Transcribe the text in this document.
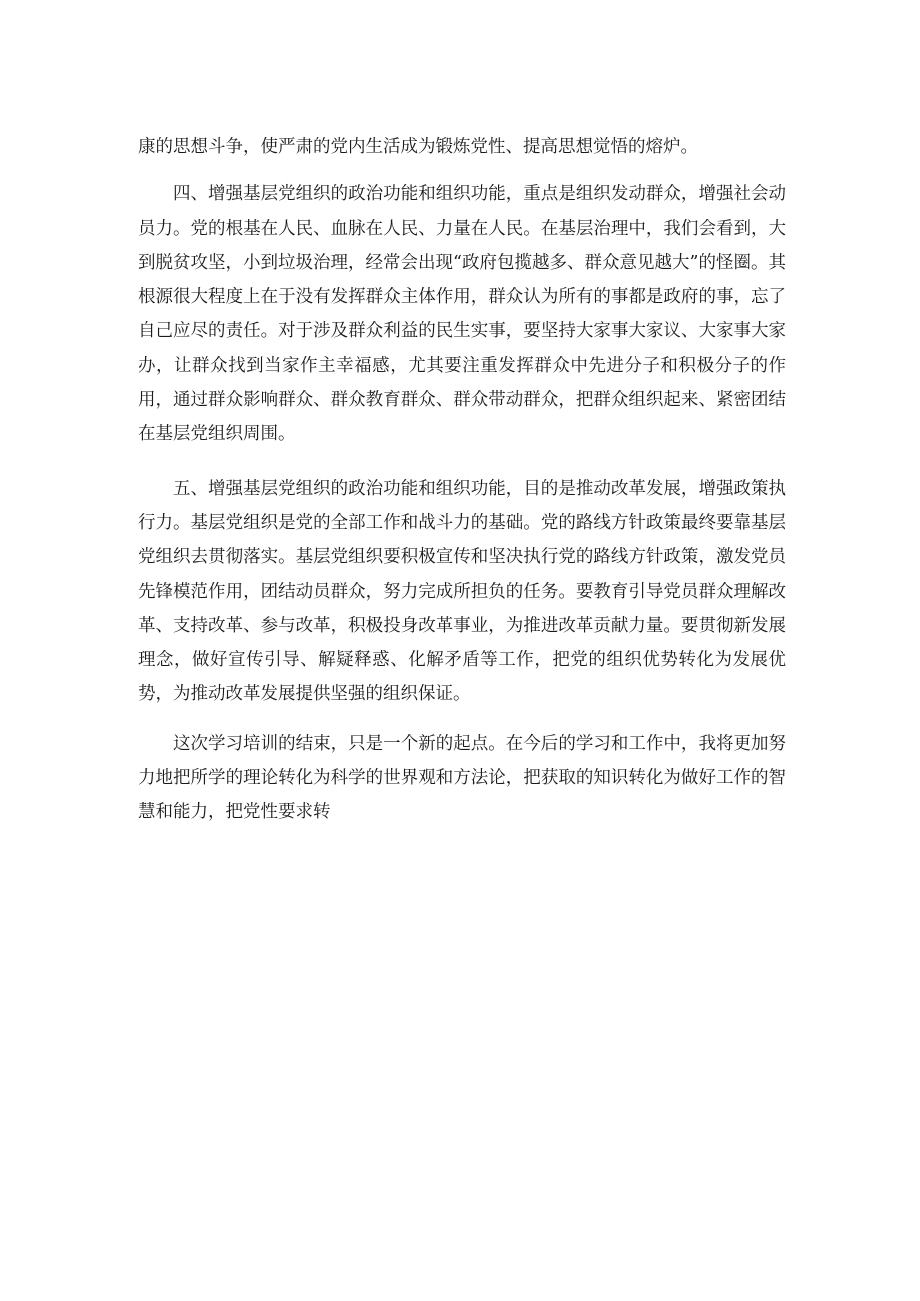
康的思想斗争，使严肃的党内生活成为锻炼党性、提高思想觉悟的熔炉。

四、增强基层党组织的政治功能和组织功能，重点是组织发动群众，增强社会动员力。党的根基在人民、血脉在人民、力量在人民。在基层治理中，我们会看到，大到脱贫攻坚，小到垃圾治理，经常会出现“政府包揽越多、群众意见越大”的怪圈。其根源很大程度上在于没有发挥群众主体作用，群众认为所有的事都是政府的事，忘了自己应尽的责任。对于涉及群众利益的民生实事，要坚持大家事大家议、大家事大家办，让群众找到当家作主幸福感，尤其要注重发挥群众中先进分子和积极分子的作用，通过群众影响群众、群众教育群众、群众带动群众，把群众组织起来、紧密团结在基层党组织周围。

五、增强基层党组织的政治功能和组织功能，目的是推动改革发展，增强政策执行力。基层党组织是党的全部工作和战斗力的基础。党的路线方针政策最终要靠基层党组织去贯彻落实。基层党组织要积极宣传和坚决执行党的路线方针政策，激发党员先锋模范作用，团结动员群众，努力完成所担负的任务。要教育引导党员群众理解改革、支持改革、参与改革，积极投身改革事业，为推进改革贡献力量。要贯彻新发展理念，做好宣传引导、解疑释惑、化解矛盾等工作，把党的组织优势转化为发展优势，为推动改革发展提供坚强的组织保证。

这次学习培训的结束，只是一个新的起点。在今后的学习和工作中，我将更加努力地把所学的理论转化为科学的世界观和方法论，把获取的知识转化为做好工作的智慧和能力，把党性要求转
